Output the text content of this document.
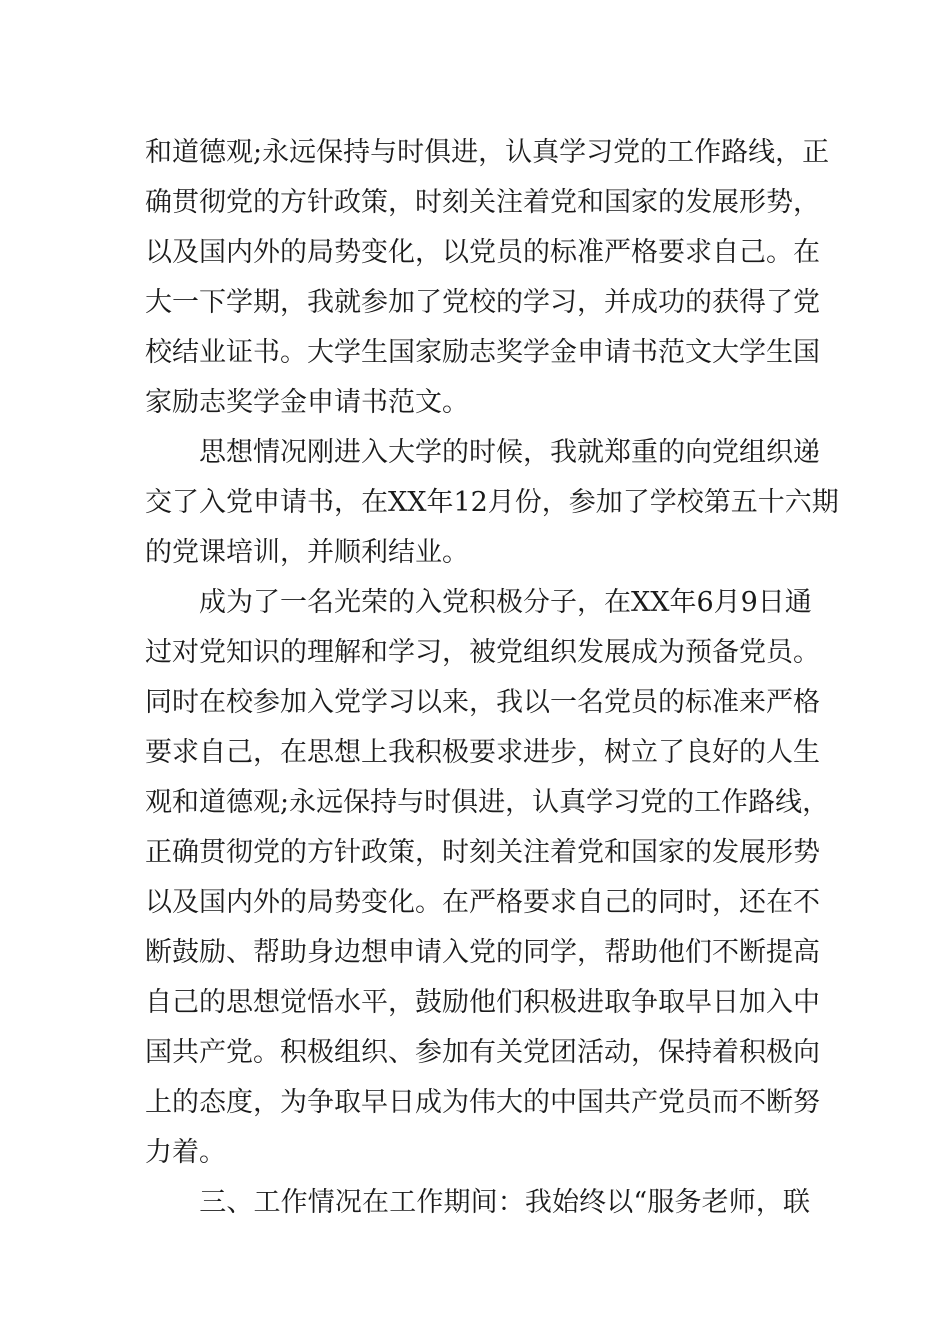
和道德观;永远保持与时俱进，认真学习党的工作路线，正
确贯彻党的方针政策，时刻关注着党和国家的发展形势，
以及国内外的局势变化，以党员的标准严格要求自己。在
大一下学期，我就参加了党校的学习，并成功的获得了党
校结业证书。大学生国家励志奖学金申请书范文大学生国
家励志奖学金申请书范文。
　　思想情况刚进入大学的时候，我就郑重的向党组织递
交了入党申请书，在XX年12月份，参加了学校第五十六期
的党课培训，并顺利结业。
　　成为了一名光荣的入党积极分子，在XX年6月9日通
过对党知识的理解和学习，被党组织发展成为预备党员。
同时在校参加入党学习以来，我以一名党员的标准来严格
要求自己，在思想上我积极要求进步，树立了良好的人生
观和道德观;永远保持与时俱进，认真学习党的工作路线，
正确贯彻党的方针政策，时刻关注着党和国家的发展形势
以及国内外的局势变化。在严格要求自己的同时，还在不
断鼓励、帮助身边想申请入党的同学，帮助他们不断提高
自己的思想觉悟水平，鼓励他们积极进取争取早日加入中
国共产党。积极组织、参加有关党团活动，保持着积极向
上的态度，为争取早日成为伟大的中国共产党员而不断努
力着。
　　三、工作情况在工作期间：我始终以“服务老师，联
